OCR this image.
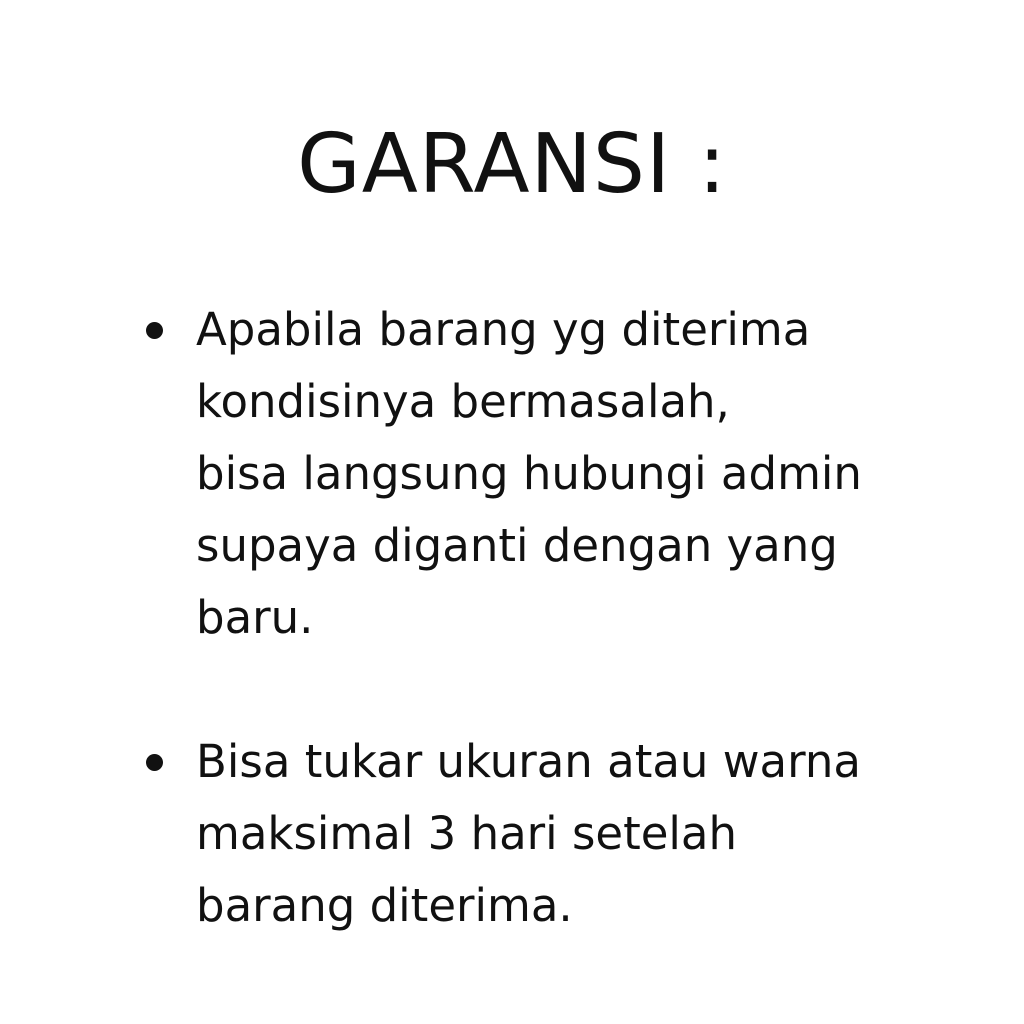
GARANSI :
Apabila barang yg diterima
kondisinya bermasalah,
bisa langsung hubungi admin
supaya diganti dengan yang
baru.
Bisa tukar ukuran atau warna
maksimal 3 hari setelah
barang diterima.
